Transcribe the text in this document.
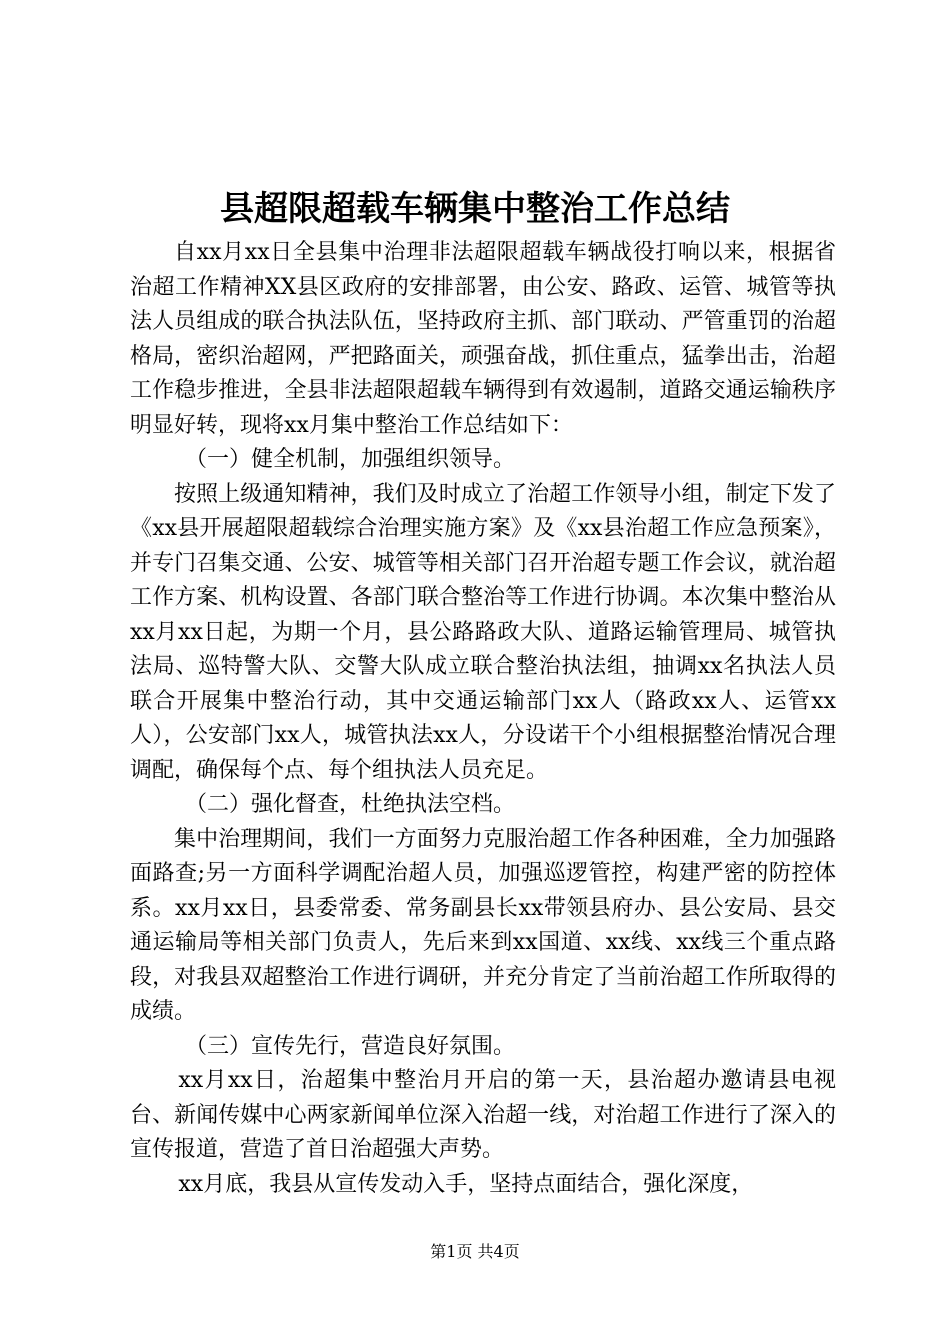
县超限超载车辆集中整治工作总结

自xx月xx日全县集中治理非法超限超载车辆战役打响以来，根据省治超工作精神XX县区政府的安排部署，由公安、路政、运管、城管等执法人员组成的联合执法队伍，坚持政府主抓、部门联动、严管重罚的治超格局，密织治超网，严把路面关，顽强奋战，抓住重点，猛拳出击，治超工作稳步推进，全县非法超限超载车辆得到有效遏制，道路交通运输秩序明显好转，现将xx月集中整治工作总结如下：

（一）健全机制，加强组织领导。

按照上级通知精神，我们及时成立了治超工作领导小组，制定下发了《xx县开展超限超载综合治理实施方案》及《xx县治超工作应急预案》，并专门召集交通、公安、城管等相关部门召开治超专题工作会议，就治超工作方案、机构设置、各部门联合整治等工作进行协调。本次集中整治从xx月xx日起，为期一个月，县公路路政大队、道路运输管理局、城管执法局、巡特警大队、交警大队成立联合整治执法组，抽调xx名执法人员联合开展集中整治行动，其中交通运输部门xx人（路政xx人、运管xx人），公安部门xx人，城管执法xx人，分设诺干个小组根据整治情况合理调配，确保每个点、每个组执法人员充足。

（二）强化督查，杜绝执法空档。

集中治理期间，我们一方面努力克服治超工作各种困难，全力加强路面路查;另一方面科学调配治超人员，加强巡逻管控，构建严密的防控体系。xx月xx日，县委常委、常务副县长xx带领县府办、县公安局、县交通运输局等相关部门负责人，先后来到xx国道、xx线、xx线三个重点路段，对我县双超整治工作进行调研，并充分肯定了当前治超工作所取得的成绩。

（三）宣传先行，营造良好氛围。

xx月xx日，治超集中整治月开启的第一天，县治超办邀请县电视台、新闻传媒中心两家新闻单位深入治超一线，对治超工作进行了深入的宣传报道，营造了首日治超强大声势。

xx月底，我县从宣传发动入手，坚持点面结合，强化深度，

第1页 共4页
